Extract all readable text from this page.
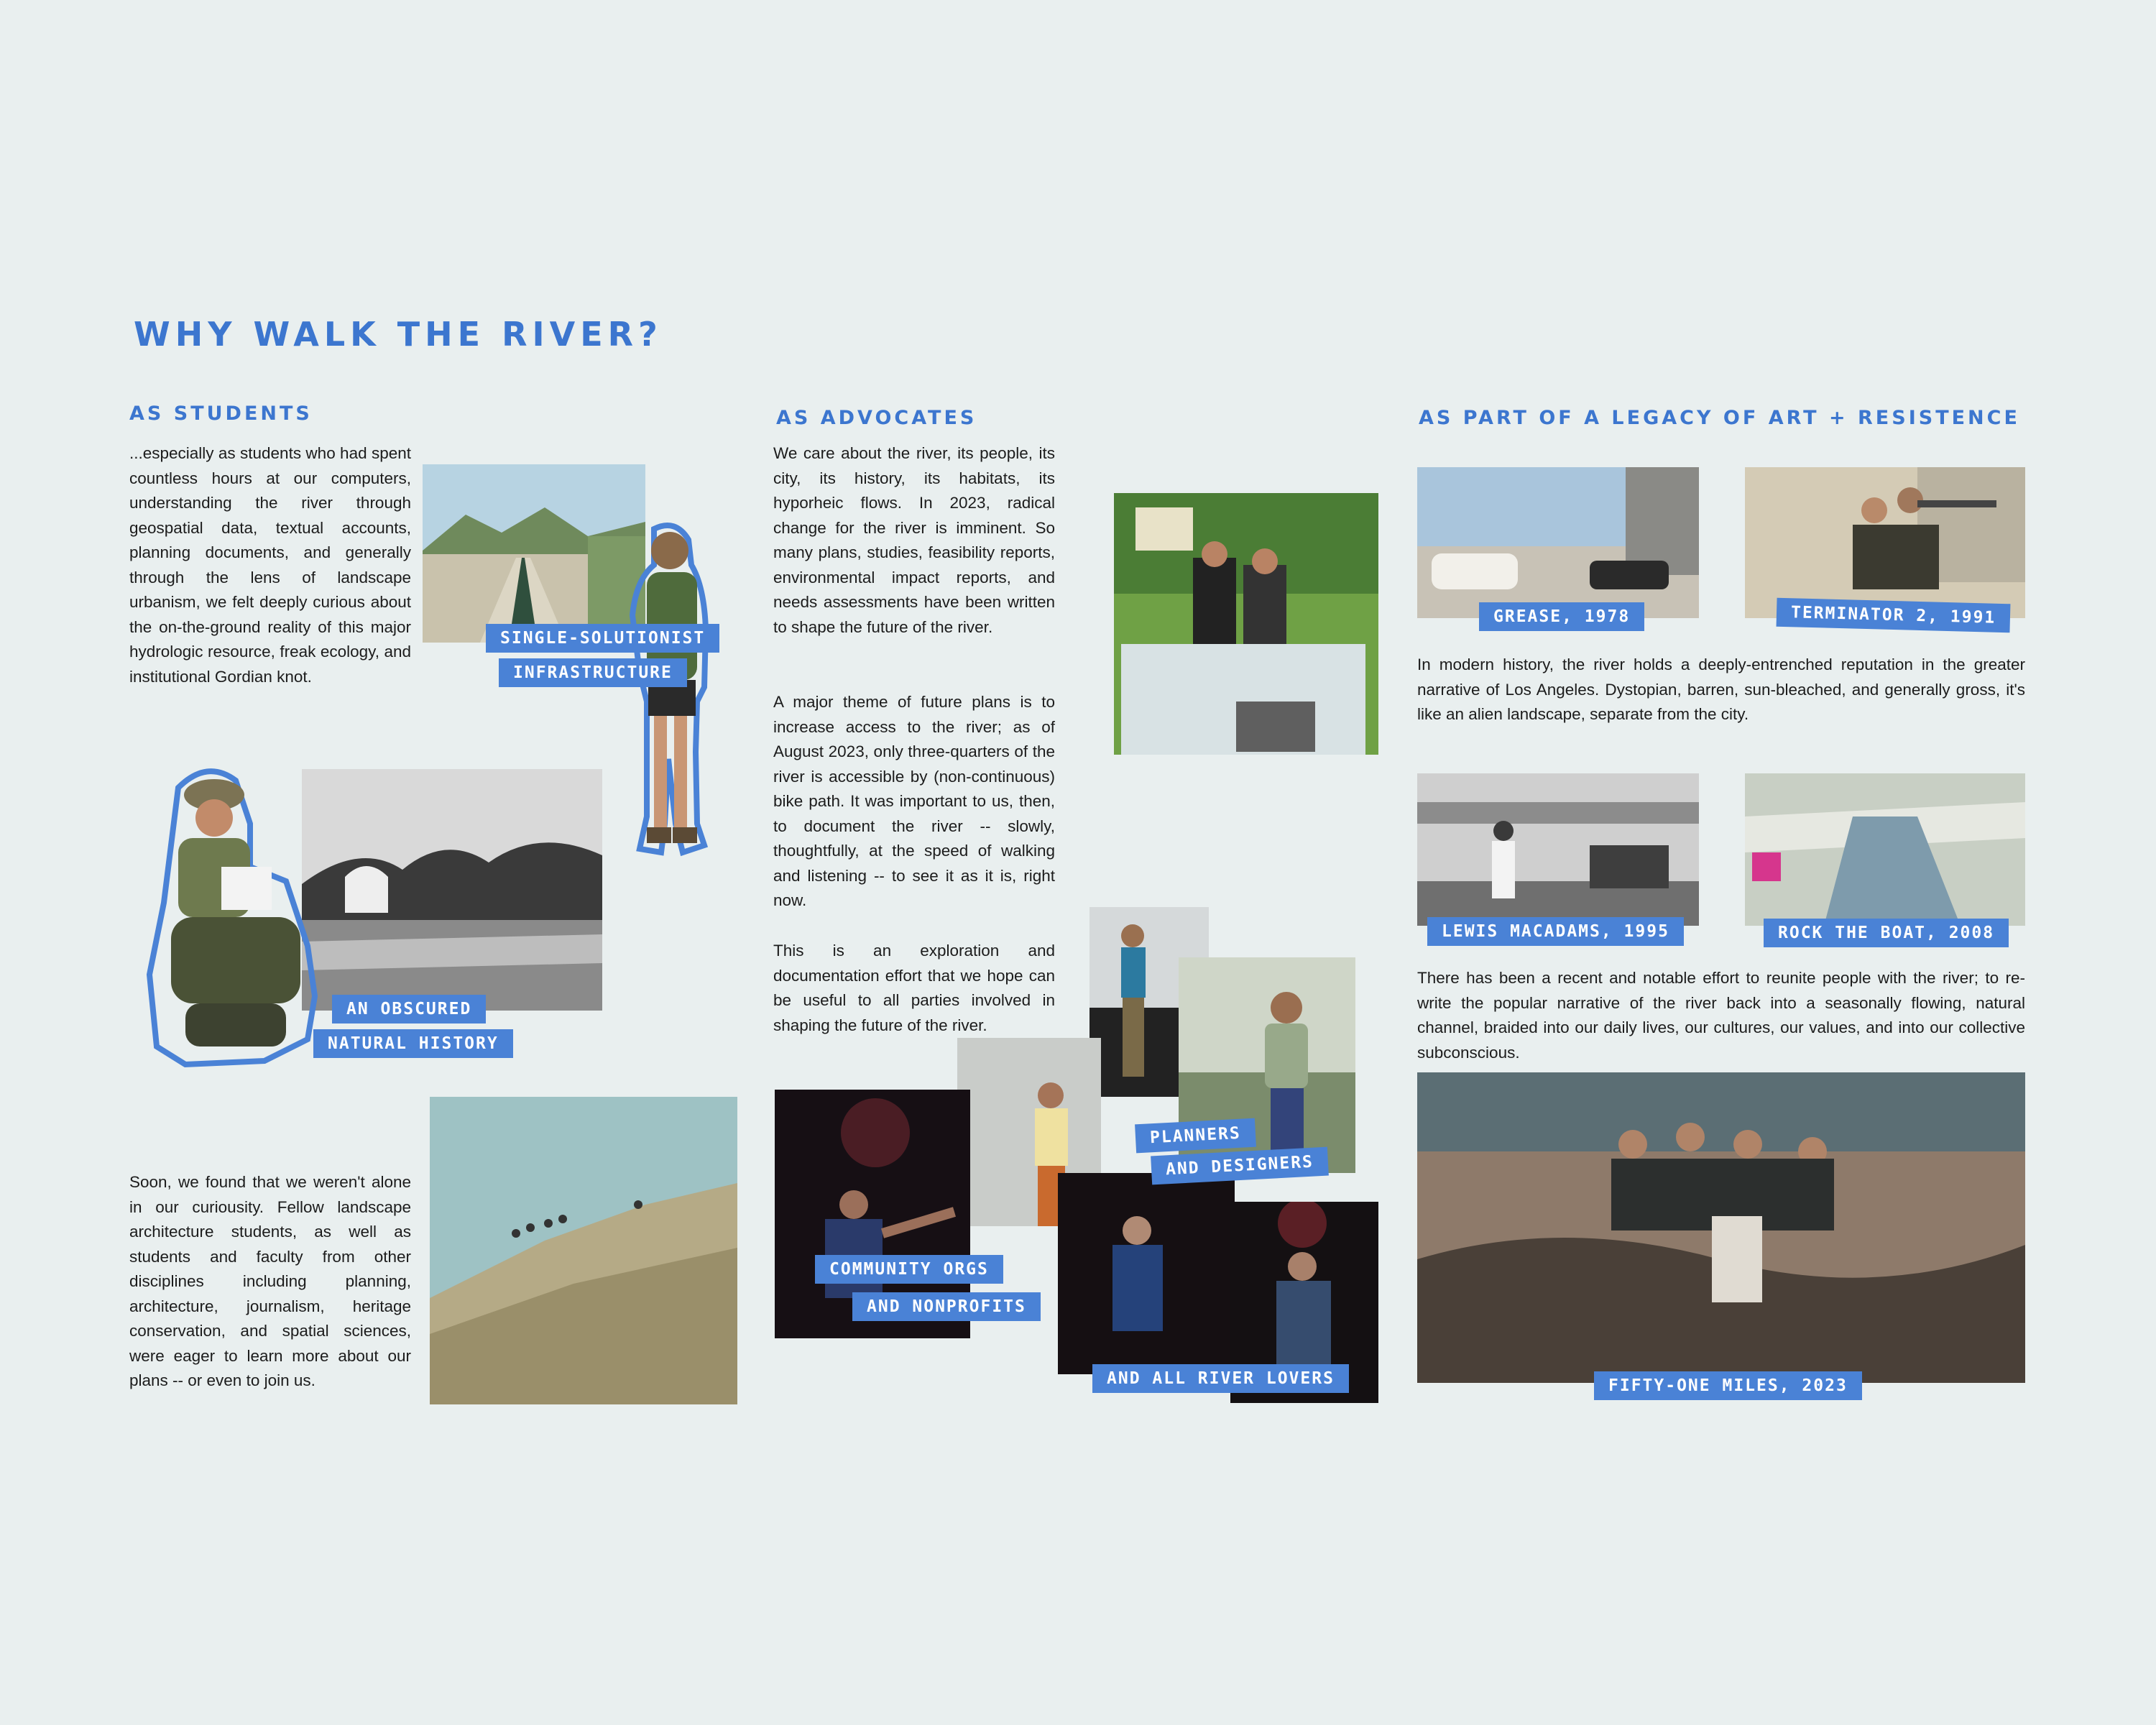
WHY WALK THE RIVER?
AS STUDENTS
...especially as students who had spent countless hours at our computers, understanding the river through geospatial data, textual accounts, planning documents, and generally through the lens of landscape urbanism, we felt deeply curious about the on-the-ground reality of this major hydrologic resource, freak ecology, and institutional Gordian knot.
SINGLE-SOLUTIONIST
INFRASTRUCTURE
AN OBSCURED
NATURAL HISTORY
Soon, we found that we weren't alone in our curiousity. Fellow landscape architecture students, as well as students and faculty from other disciplines including planning, architecture, journalism, heritage conservation, and spatial sciences, were eager to learn more about our plans -- or even to join us.
AS ADVOCATES
We care about the river, its people, its city, its history, its habitats, its hyporheic flows. In 2023, radical change for the river is imminent. So many plans, studies, feasibility reports, environmental impact reports, and needs assessments have been written to shape the future of the river.
A major theme of future plans is to increase access to the river; as of August 2023, only three-quarters of the river is accessible by (non-continuous) bike path. It was important to us, then, to document the river -- slowly, thoughtfully, at the speed of walking and listening -- to see it as it is, right now.
This is an exploration and documentation effort that we hope can be useful to all parties involved in shaping the future of the river.
PLANNERS
AND DESIGNERS
COMMUNITY ORGS
AND NONPROFITS
AND ALL RIVER LOVERS
AS PART OF A LEGACY OF ART + RESISTENCE
GREASE, 1978	TERMINATOR 2, 1991
In modern history, the river holds a deeply-entrenched reputation in the greater narrative of Los Angeles. Dystopian, barren, sun-bleached, and generally gross, it's like an alien landscape, separate from the city.
LEWIS MACADAMS, 1995	ROCK THE BOAT, 2008
There has been a recent and notable effort to reunite people with the river; to re-write the popular narrative of the river back into a seasonally flowing, natural channel, braided into our daily lives, our cultures, our values, and into our collective subconscious.
FIFTY-ONE MILES, 2023
